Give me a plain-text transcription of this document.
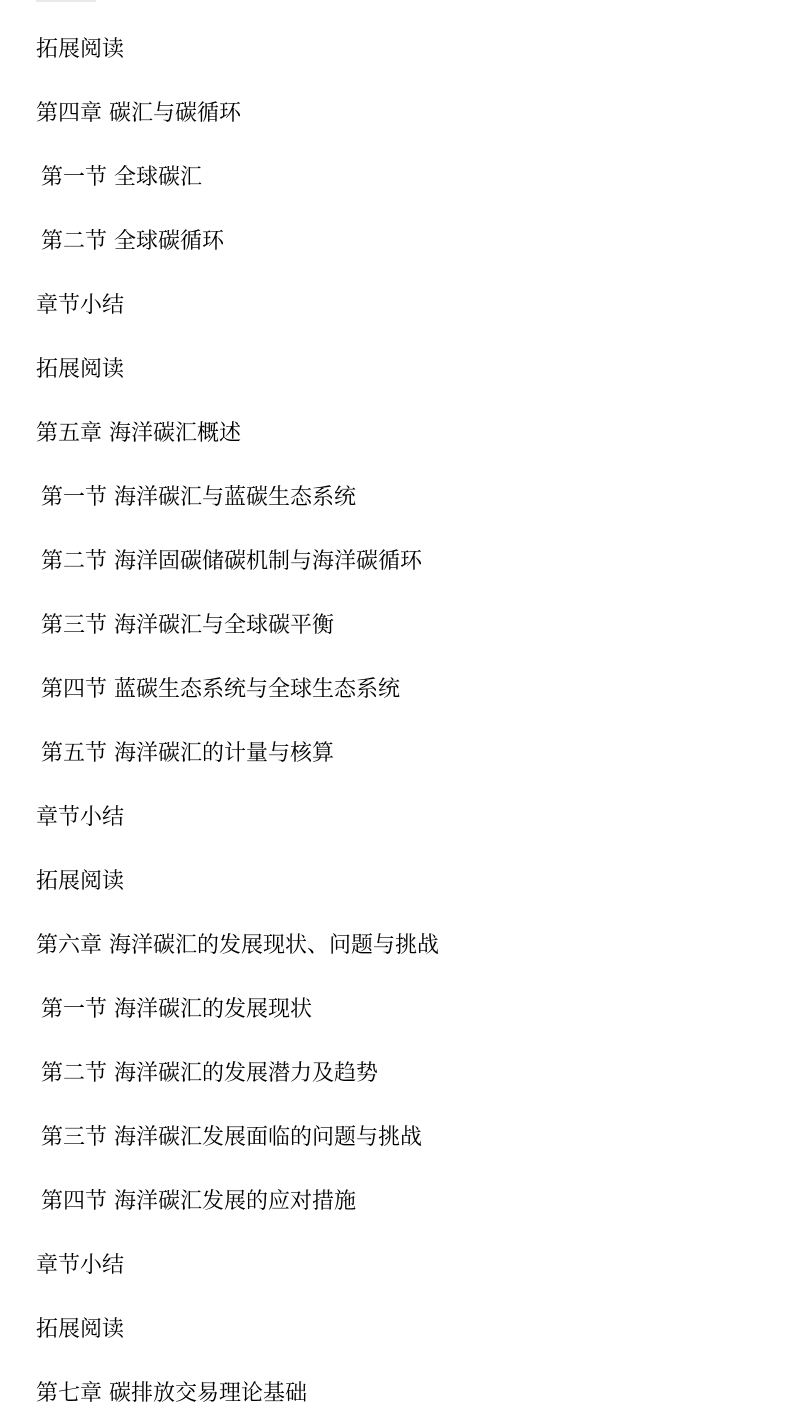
拓展阅读
第四章 碳汇与碳循环
第一节 全球碳汇
第二节 全球碳循环
章节小结
拓展阅读
第五章 海洋碳汇概述
第一节 海洋碳汇与蓝碳生态系统
第二节 海洋固碳储碳机制与海洋碳循环
第三节 海洋碳汇与全球碳平衡
第四节 蓝碳生态系统与全球生态系统
第五节 海洋碳汇的计量与核算
章节小结
拓展阅读
第六章 海洋碳汇的发展现状、问题与挑战
第一节 海洋碳汇的发展现状
第二节 海洋碳汇的发展潜力及趋势
第三节 海洋碳汇发展面临的问题与挑战
第四节 海洋碳汇发展的应对措施
章节小结
拓展阅读
第七章 碳排放交易理论基础
